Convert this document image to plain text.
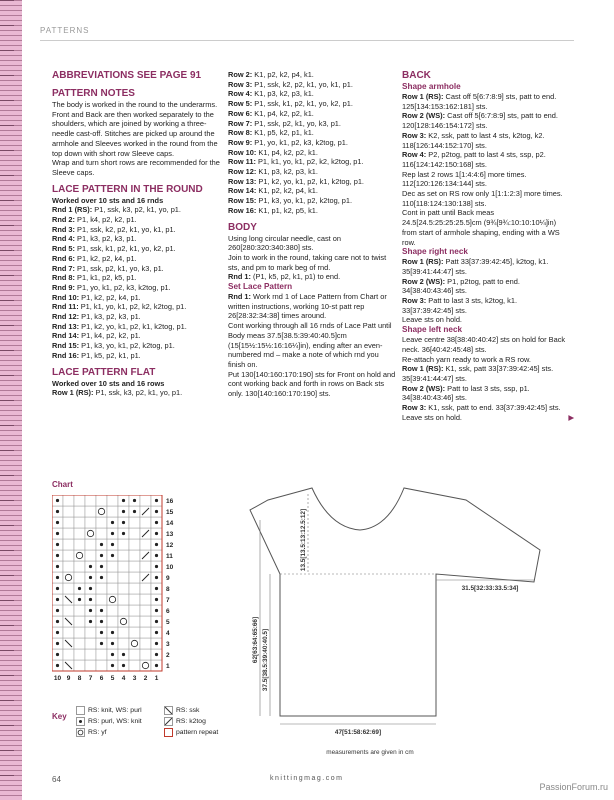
PATTERNS

ABBREVIATIONS SEE PAGE 91

PATTERN NOTES

The body is worked in the round to the underarms. Front and Back are then worked separately to the shoulders, which are joined by working a three-needle cast-off. Stitches are picked up around the armhole and Sleeves worked in the round from the top down with short row Sleeve caps.

Wrap and turn short rows are recommended for the Sleeve caps.

LACE PATTERN IN THE ROUND

Worked over 10 sts and 16 rnds

Rnd 1 (RS): P1, ssk, k3, p2, k1, yo, p1.

Rnd 2: P1, k4, p2, k2, p1.

Rnd 3: P1, ssk, k2, p2, k1, yo, k1, p1.

Rnd 4: P1, k3, p2, k3, p1.

Rnd 5: P1, ssk, k1, p2, k1, yo, k2, p1.

Rnd 6: P1, k2, p2, k4, p1.

Rnd 7: P1, ssk, p2, k1, yo, k3, p1.

Rnd 8: P1, k1, p2, k5, p1.

Rnd 9: P1, yo, k1, p2, k3, k2tog, p1.

Rnd 10: P1, k2, p2, k4, p1.

Rnd 11: P1, k1, yo, k1, p2, k2, k2tog, p1.

Rnd 12: P1, k3, p2, k3, p1.

Rnd 13: P1, k2, yo, k1, p2, k1, k2tog, p1.

Rnd 14: P1, k4, p2, k2, p1.

Rnd 15: P1, k3, yo, k1, p2, k2tog, p1.

Rnd 16: P1, k5, p2, k1, p1.

LACE PATTERN FLAT

Worked over 10 sts and 16 rows

Row 1 (RS): P1, ssk, k3, p2, k1, yo, p1.

Row 2: K1, p2, k2, p4, k1.

Row 3: P1, ssk, k2, p2, k1, yo, k1, p1.

Row 4: K1, p3, k2, p3, k1.

Row 5: P1, ssk, k1, p2, k1, yo, k2, p1.

Row 6: K1, p4, k2, p2, k1.

Row 7: P1, ssk, p2, k1, yo, k3, p1.

Row 8: K1, p5, k2, p1, k1.

Row 9: P1, yo, k1, p2, k3, k2tog, p1.

Row 10: K1, p4, k2, p2, k1.

Row 11: P1, k1, yo, k1, p2, k2, k2tog, p1.

Row 12: K1, p3, k2, p3, k1.

Row 13: P1, k2, yo, k1, p2, k1, k2tog, p1.

Row 14: K1, p2, k2, p4, k1.

Row 15: P1, k3, yo, k1, p2, k2tog, p1.

Row 16: K1, p1, k2, p5, k1.

BODY

Using long circular needle, cast on 260[280:320:340:380] sts.

Join to work in the round, taking care not to twist sts, and pm to mark beg of rnd.

Rnd 1: (P1, k5, p2, k1, p1) to end.

Set Lace Pattern

Rnd 1: Work rnd 1 of Lace Pattern from Chart or written instructions, working 10-st patt rep 26[28:32:34:38] times around.

Cont working through all 16 rnds of Lace Patt until Body meas 37.5[38.5:39:40:40.5]cm (15[15½:15½:16:16¼]in), ending after an even-numbered rnd – make a note of which rnd you finish on.

Put 130[140:160:170:190] sts for Front on hold and cont working back and forth in rows on Back sts only. 130[140:160:170:190] sts.

BACK

Shape armhole

Row 1 (RS): Cast off 5[6:7:8:9] sts, patt to end. 125[134:153:162:181] sts.

Row 2 (WS): Cast off 5[6:7:8:9] sts, patt to end. 120[128:146:154:172] sts.

Row 3: K2, ssk, patt to last 4 sts, k2tog, k2. 118[126:144:152:170] sts.

Row 4: P2, p2tog, patt to last 4 sts, ssp, p2. 116[124:142:150:168] sts.

Rep last 2 rows 1[1:4:4:6] more times. 112[120:126:134:144] sts.

Dec as set on RS row only 1[1:1:2:3] more times. 110[118:124:130:138] sts.

Cont in patt until Back meas 24.5[24.5:25:25:25.5]cm (9¾[9¾:10:10:10¼]in) from start of armhole shaping, ending with a WS row.

Shape right neck

Row 1 (RS): Patt 33[37:39:42:45], k2tog, k1. 35[39:41:44:47] sts.

Row 2 (WS): P1, p2tog, patt to end. 34[38:40:43:46] sts.

Row 3: Patt to last 3 sts, k2tog, k1. 33[37:39:42:45] sts.

Leave sts on hold.

Shape left neck

Leave centre 38[38:40:40:42] sts on hold for Back neck. 36[40:42:45:48] sts.

Re-attach yarn ready to work a RS row.

Row 1 (RS): K1, ssk, patt 33[37:39:42:45] sts. 35[39:41:44:47] sts.

Row 2 (WS): Patt to last 3 sts, ssp, p1. 34[38:40:43:46] sts.

Row 3: K1, ssk, patt to end. 33[37:39:42:45] sts. Leave sts on hold.	▶
Chart
16
15
14
13
12
11
10
9
8
7
6
5
4
3
2
1
10 9 8 7 6 5 4 3 2 1
Key
RS: knit, WS: purl	RS: ssk
RS: purl, WS: knit	RS: k2tog
RS: yf	pattern repeat
62[63:64:65:66] 37.5[38.5:39:40:40.5]
13.5[13.5:13:12.5:12]
31.5[32:33:33.5:34]
47[51:58:62:69]
measurements are given in cm
64	knittingmag.com
PassionForum.ru
